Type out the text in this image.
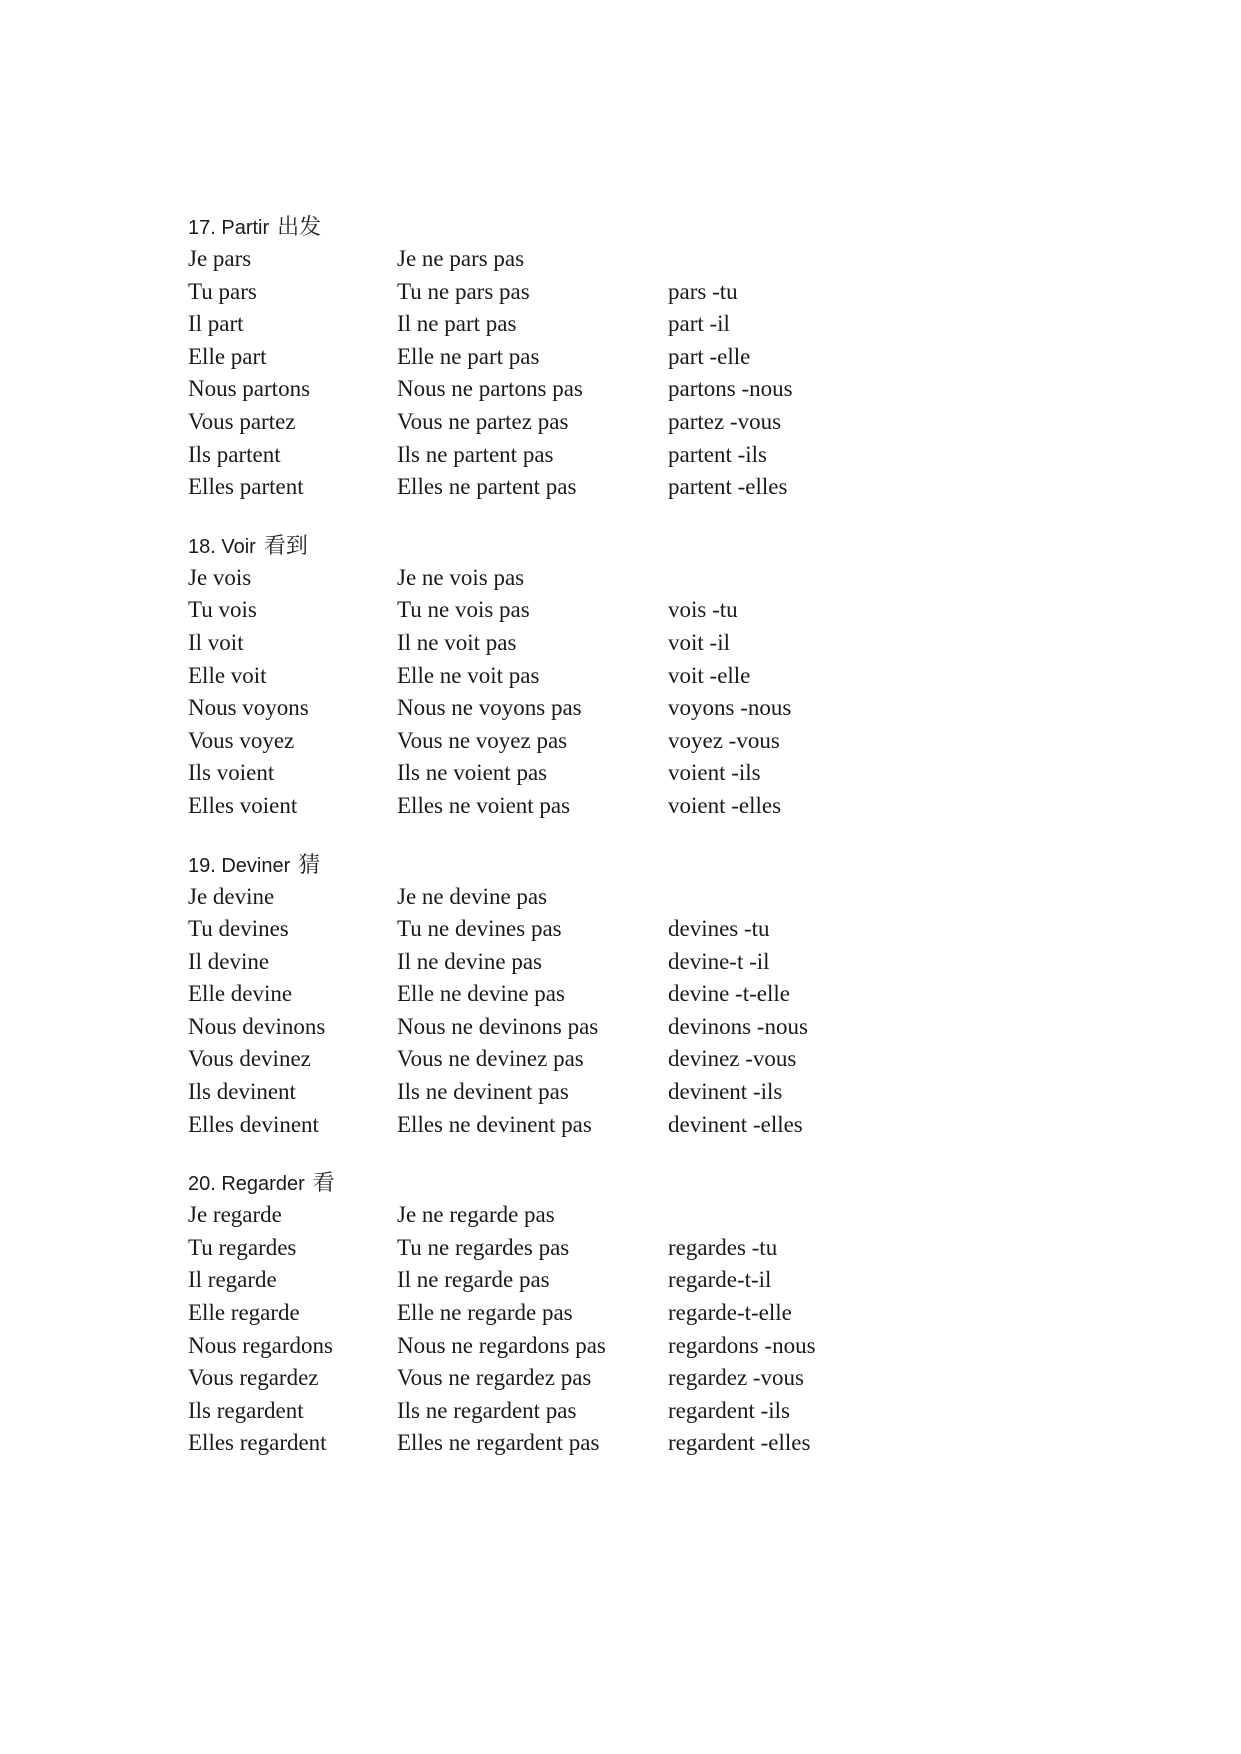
17. Partir 出发
Je pars	Je ne pars pas
Tu pars	Tu ne pars pas	pars -tu
Il part	Il ne part pas	part -il
Elle part	Elle ne part pas	part -elle
Nous partons	Nous ne partons pas	partons -nous
Vous partez	Vous ne partez pas	partez -vous
Ils partent	Ils ne partent pas	partent -ils
Elles partent	Elles ne partent pas	partent -elles
18. Voir 看到
Je vois	Je ne vois pas
Tu vois	Tu ne vois pas	vois -tu
Il voit	Il ne voit pas	voit -il
Elle voit	Elle ne voit pas	voit -elle
Nous voyons	Nous ne voyons pas	voyons -nous
Vous voyez	Vous ne voyez pas	voyez -vous
Ils voient	Ils ne voient pas	voient -ils
Elles voient	Elles ne voient pas	voient -elles
19. Deviner 猜
Je devine	Je ne devine pas
Tu devines	Tu ne devines pas	devines -tu
Il devine	Il ne devine pas	devine-t -il
Elle devine	Elle ne devine pas	devine -t-elle
Nous devinons	Nous ne devinons pas	devinons -nous
Vous devinez	Vous ne devinez pas	devinez -vous
Ils devinent	Ils ne devinent pas	devinent -ils
Elles devinent	Elles ne devinent pas	devinent -elles
20. Regarder 看
Je regarde	Je ne regarde pas
Tu regardes	Tu ne regardes pas	regardes -tu
Il regarde	Il ne regarde pas	regarde-t-il
Elle regarde	Elle ne regarde pas	regarde-t-elle
Nous regardons	Nous ne regardons pas	regardons -nous
Vous regardez	Vous ne regardez pas	regardez -vous
Ils regardent	Ils ne regardent pas	regardent -ils
Elles regardent	Elles ne regardent pas	regardent -elles
